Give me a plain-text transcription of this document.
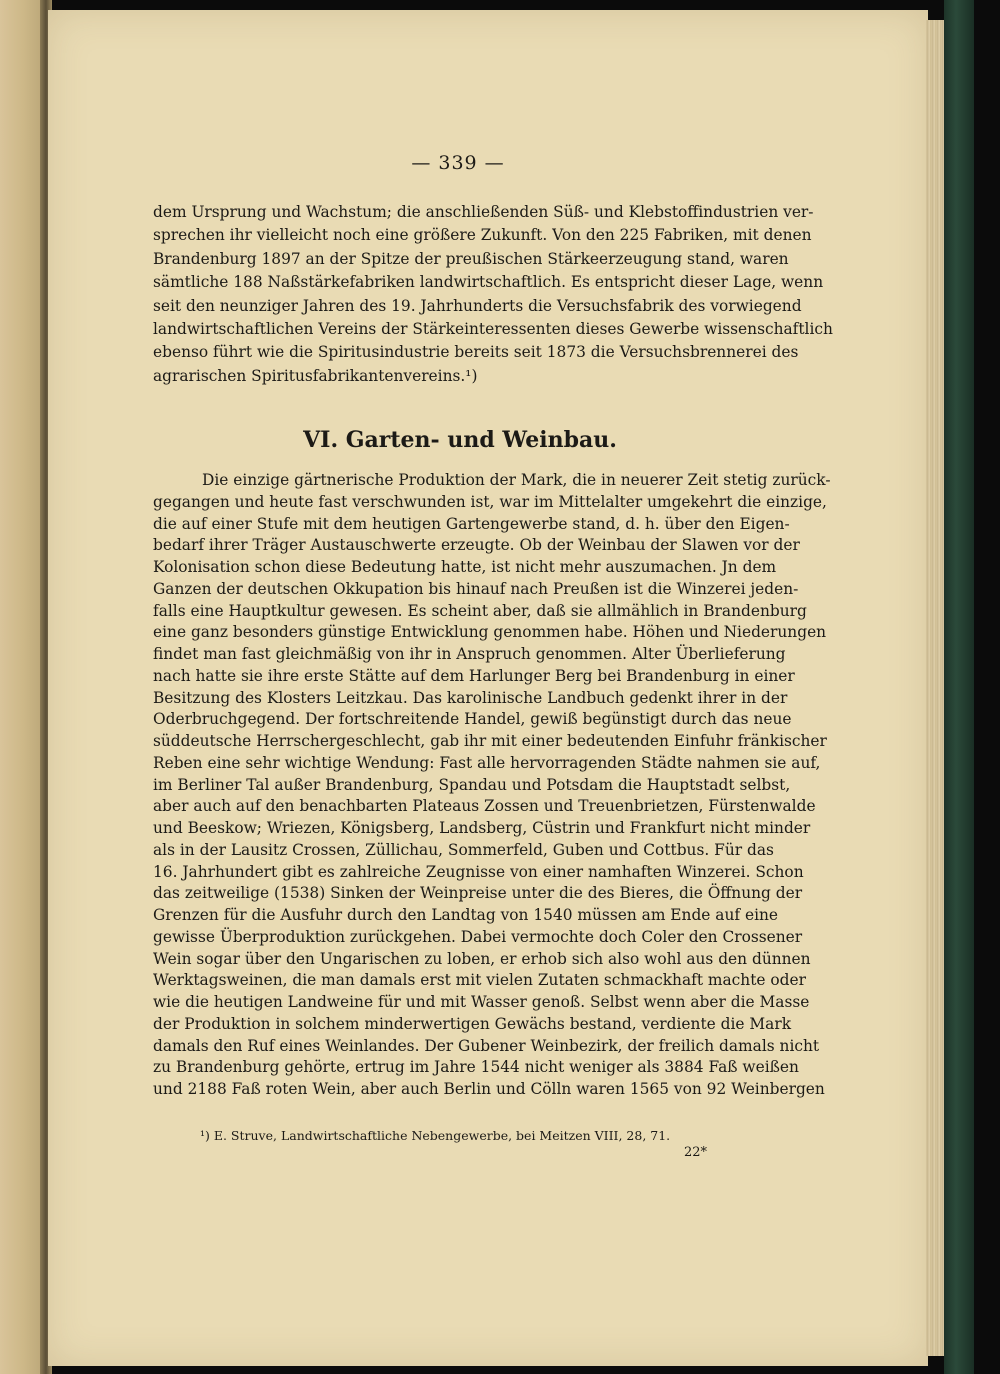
— 339 —
dem Ursprung und Wachstum; die anschließenden Süß- und Klebstoffindustrien ver-
sprechen ihr vielleicht noch eine größere Zukunft. Von den 225 Fabriken, mit denen
Brandenburg 1897 an der Spitze der preußischen Stärkeerzeugung stand, waren
sämtliche 188 Naßstärkefabriken landwirtschaftlich. Es entspricht dieser Lage, wenn
seit den neunziger Jahren des 19. Jahrhunderts die Versuchsfabrik des vorwiegend
landwirtschaftlichen Vereins der Stärkeinteressenten dieses Gewerbe wissenschaftlich
ebenso führt wie die Spiritusindustrie bereits seit 1873 die Versuchsbrennerei des
agrarischen Spiritusfabrikantenvereins.¹)
VI. Garten- und Weinbau.
Die einzige gärtnerische Produktion der Mark, die in neuerer Zeit stetig zurück-
gegangen und heute fast verschwunden ist, war im Mittelalter umgekehrt die einzige,
die auf einer Stufe mit dem heutigen Gartengewerbe stand, d. h. über den Eigen-
bedarf ihrer Träger Austauschwerte erzeugte. Ob der Weinbau der Slawen vor der
Kolonisation schon diese Bedeutung hatte, ist nicht mehr auszumachen. Jn dem
Ganzen der deutschen Okkupation bis hinauf nach Preußen ist die Winzerei jeden-
falls eine Hauptkultur gewesen. Es scheint aber, daß sie allmählich in Brandenburg
eine ganz besonders günstige Entwicklung genommen habe. Höhen und Niederungen
findet man fast gleichmäßig von ihr in Anspruch genommen. Alter Überlieferung
nach hatte sie ihre erste Stätte auf dem Harlunger Berg bei Brandenburg in einer
Besitzung des Klosters Leitzkau. Das karolinische Landbuch gedenkt ihrer in der
Oderbruchgegend. Der fortschreitende Handel, gewiß begünstigt durch das neue
süddeutsche Herrschergeschlecht, gab ihr mit einer bedeutenden Einfuhr fränkischer
Reben eine sehr wichtige Wendung: Fast alle hervorragenden Städte nahmen sie auf,
im Berliner Tal außer Brandenburg, Spandau und Potsdam die Hauptstadt selbst,
aber auch auf den benachbarten Plateaus Zossen und Treuenbrietzen, Fürstenwalde
und Beeskow; Wriezen, Königsberg, Landsberg, Cüstrin und Frankfurt nicht minder
als in der Lausitz Crossen, Züllichau, Sommerfeld, Guben und Cottbus. Für das
16. Jahrhundert gibt es zahlreiche Zeugnisse von einer namhaften Winzerei. Schon
das zeitweilige (1538) Sinken der Weinpreise unter die des Bieres, die Öffnung der
Grenzen für die Ausfuhr durch den Landtag von 1540 müssen am Ende auf eine
gewisse Überproduktion zurückgehen. Dabei vermochte doch Coler den Crossener
Wein sogar über den Ungarischen zu loben, er erhob sich also wohl aus den dünnen
Werktagsweinen, die man damals erst mit vielen Zutaten schmackhaft machte oder
wie die heutigen Landweine für und mit Wasser genoß. Selbst wenn aber die Masse
der Produktion in solchem minderwertigen Gewächs bestand, verdiente die Mark
damals den Ruf eines Weinlandes. Der Gubener Weinbezirk, der freilich damals nicht
zu Brandenburg gehörte, ertrug im Jahre 1544 nicht weniger als 3884 Faß weißen
und 2188 Faß roten Wein, aber auch Berlin und Cölln waren 1565 von 92 Weinbergen
¹) E. Struve, Landwirtschaftliche Nebengewerbe, bei Meitzen VIII, 28, 71.
22*
